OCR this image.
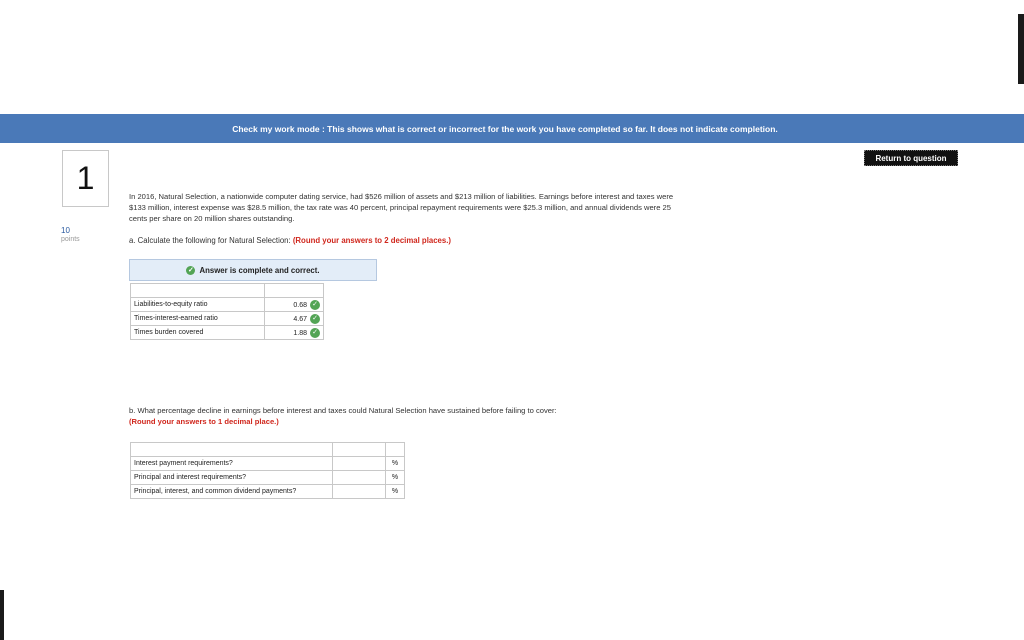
Check my work mode : This shows what is correct or incorrect for the work you have completed so far. It does not indicate completion.
Return to question
1
10
points
In 2016, Natural Selection, a nationwide computer dating service, had $526 million of assets and $213 million of liabilities. Earnings before interest and taxes were $133 million, interest expense was $28.5 million, the tax rate was 40 percent, principal repayment requirements were $25.3 million, and annual dividends were 25 cents per share on 20 million shares outstanding.
a. Calculate the following for Natural Selection: (Round your answers to 2 decimal places.)
✓ Answer is complete and correct.

Liabilities-to-equity ratio	0.68 ✓
Times-interest-earned ratio	4.67 ✓
Times burden covered	1.88 ✓
b. What percentage decline in earnings before interest and taxes could Natural Selection have sustained before failing to cover:
(Round your answers to 1 decimal place.)

Interest payment requirements?		%
Principal and interest requirements?		%
Principal, interest, and common dividend payments?		%
